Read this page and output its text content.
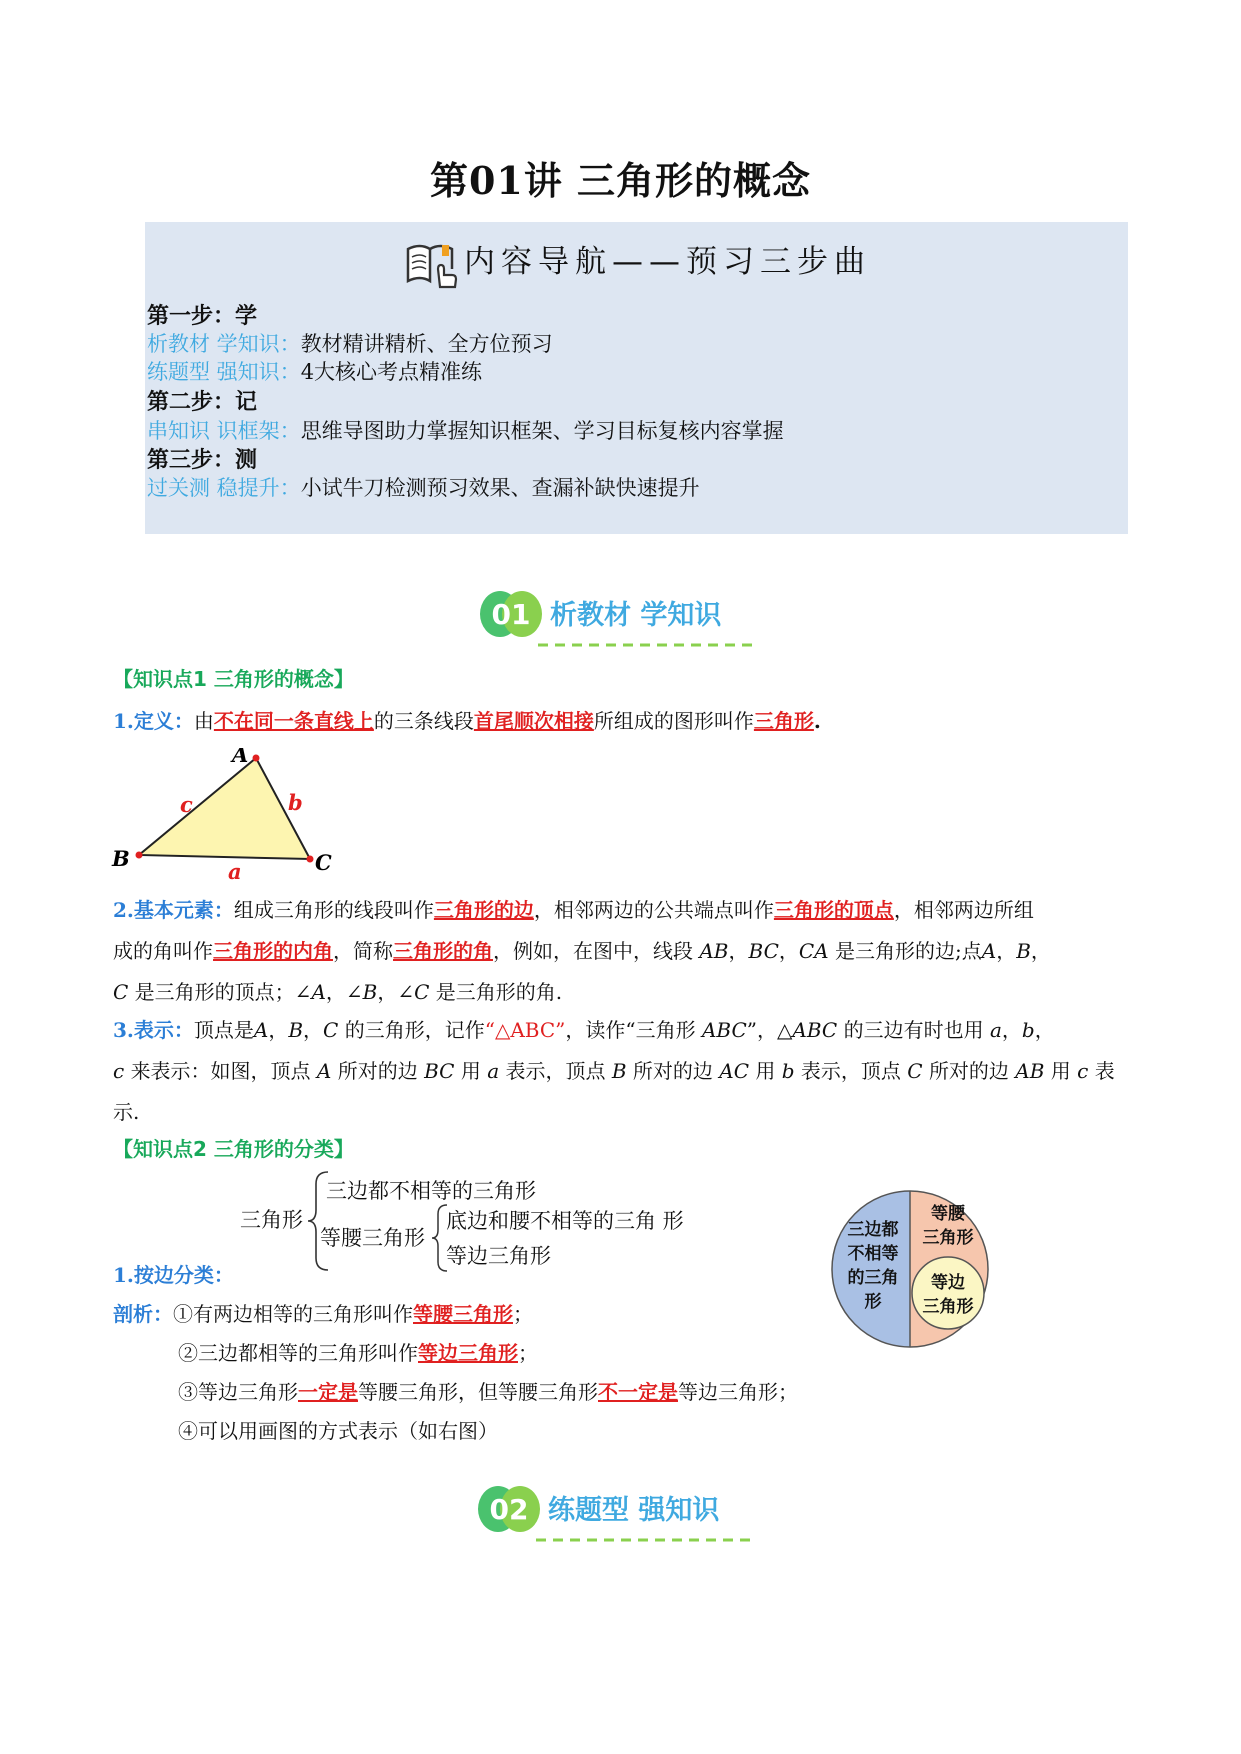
第01讲 三角形的概念
内容导航——预习三步曲
第一步：学
析教材 学知识：教材精讲精析、全方位预习
练题型 强知识：4大核心考点精准练
第二步：记
串知识 识框架：思维导图助力掌握知识框架、学习目标复核内容掌握
第三步：测
过关测 稳提升：小试牛刀检测预习效果、查漏补缺快速提升
01 析教材 学知识
【知识点1 三角形的概念】
1.定义：由不在同一条直线上的三条线段首尾顺次相接所组成的图形叫作三角形.
A
B	C
c	b
a
2.基本元素：组成三角形的线段叫作三角形的边，相邻两边的公共端点叫作三角形的顶点，相邻两边所组
成的角叫作三角形的内角，简称三角形的角，例如，在图中，线段 AB，BC，CA 是三角形的边;点A，B，
C 是三角形的顶点；∠A，∠B，∠C 是三角形的角.
3.表示：顶点是A，B，C 的三角形，记作“△ABC”，读作“三角形 ABC”，△ABC 的三边有时也用 a，b，
c 来表示：如图，顶点 A 所对的边 BC 用 a 表示，顶点 B 所对的边 AC 用 b 表示，顶点 C 所对的边 AB 用 c 表
示.
【知识点2 三角形的分类】
三角形
三边都不相等的三角形
等腰三角形
底边和腰不相等的三角 形
等边三角形
1.按边分类：
剖析：①有两边相等的三角形叫作等腰三角形；
②三边都相等的三角形叫作等边三角形；
③等边三角形一定是等腰三角形，但等腰三角形不一定是等边三角形；
④可以用画图的方式表示（如右图）
三边都
不相等
的三角
形
等腰
三角形
等边
三角形
02 练题型 强知识
